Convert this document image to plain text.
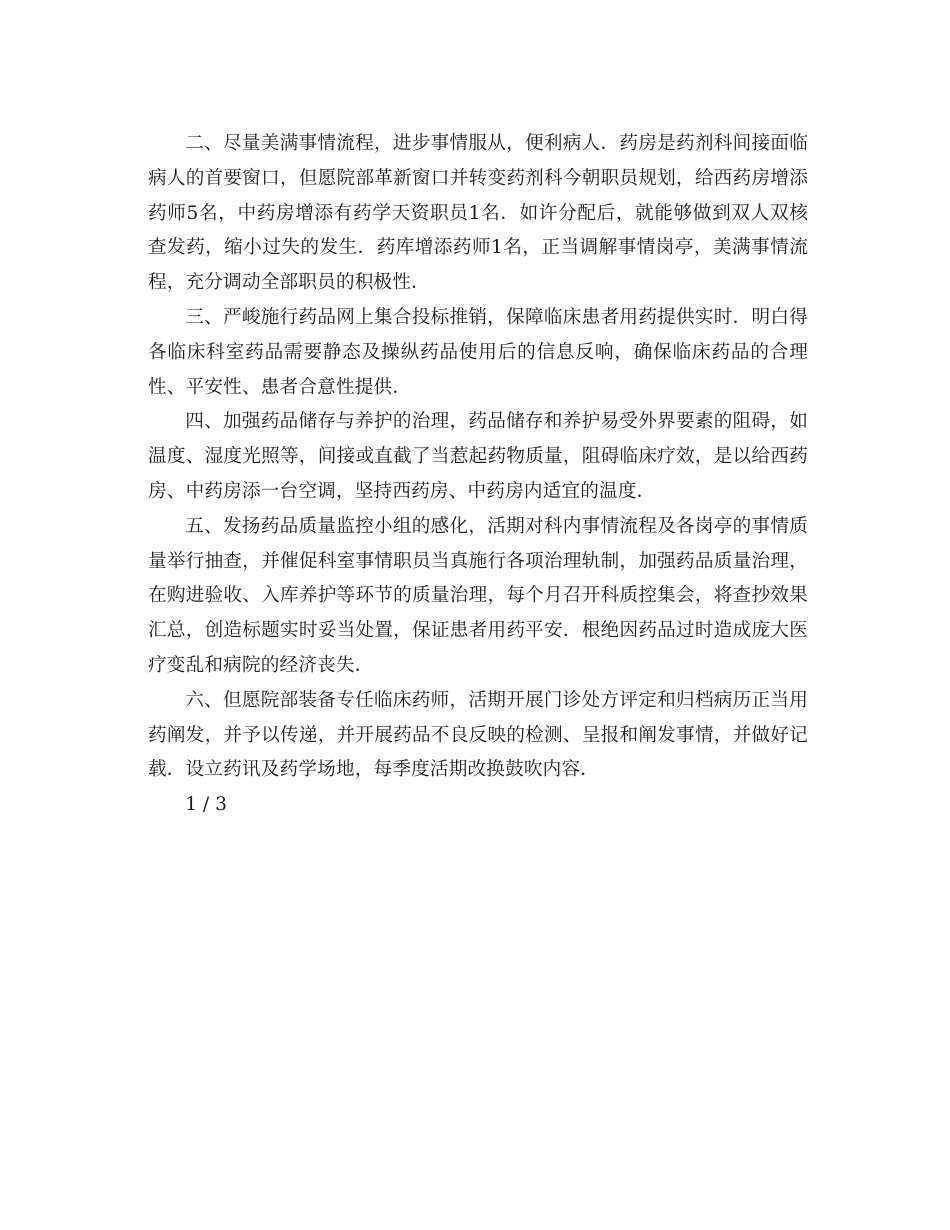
二、尽量美满事情流程，进步事情服从，便利病人．药房是药剂科间接面临病人的首要窗口，但愿院部革新窗口并转变药剂科今朝职员规划，给西药房增添药师5名，中药房增添有药学天资职员1名．如许分配后，就能够做到双人双核查发药，缩小过失的发生．药库增添药师1名，正当调解事情岗亭，美满事情流程，充分调动全部职员的积极性．

三、严峻施行药品网上集合投标推销，保障临床患者用药提供实时．明白得各临床科室药品需要静态及操纵药品使用后的信息反响，确保临床药品的合理性、平安性、患者合意性提供．

四、加强药品储存与养护的治理，药品储存和养护易受外界要素的阻碍，如温度、湿度光照等，间接或直截了当惹起药物质量，阻碍临床疗效，是以给西药房、中药房添一台空调，坚持西药房、中药房内适宜的温度．

五、发扬药品质量监控小组的感化，活期对科内事情流程及各岗亭的事情质量举行抽查，并催促科室事情职员当真施行各项治理轨制，加强药品质量治理，在购进验收、入库养护等环节的质量治理，每个月召开科质控集会，将查抄效果汇总，创造标题实时妥当处置，保证患者用药平安．根绝因药品过时造成庞大医疗变乱和病院的经济丧失．

六、但愿院部装备专任临床药师，活期开展门诊处方评定和归档病历正当用药阐发，并予以传递，并开展药品不良反映的检测、呈报和阐发事情，并做好记载．设立药讯及药学场地，每季度活期改换鼓吹内容．

1 / 3
